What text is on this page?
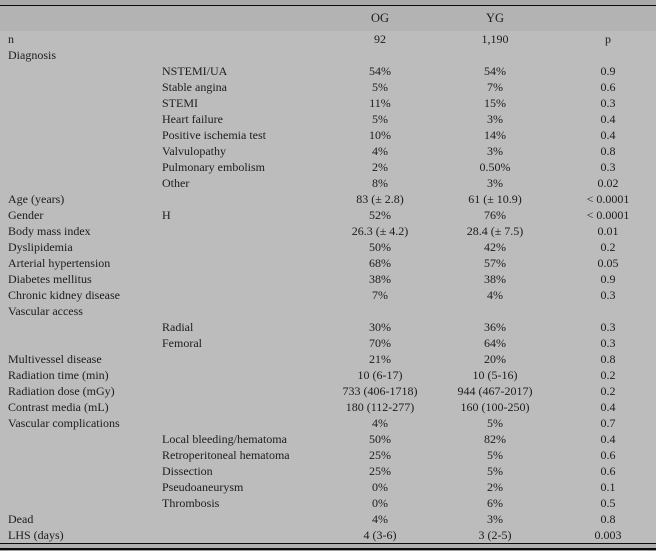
		OG	YG	
n		92	1,190	p
Diagnosis				
	NSTEMI/UA	54%	54%	0.9
	Stable angina	5%	7%	0.6
	STEMI	11%	15%	0.3
	Heart failure	5%	3%	0.4
	Positive ischemia test	10%	14%	0.4
	Valvulopathy	4%	3%	0.8
	Pulmonary embolism	2%	0.50%	0.3
	Other	8%	3%	0.02
Age (years)		83 (± 2.8)	61 (± 10.9)	< 0.0001
Gender	H	52%	76%	< 0.0001
Body mass index		26.3 (± 4.2)	28.4 (± 7.5)	0.01
Dyslipidemia		50%	42%	0.2
Arterial hypertension		68%	57%	0.05
Diabetes mellitus		38%	38%	0.9
Chronic kidney disease		7%	4%	0.3
Vascular access				
	Radial	30%	36%	0.3
	Femoral	70%	64%	0.3
Multivessel disease		21%	20%	0.8
Radiation time (min)		10 (6-17)	10 (5-16)	0.2
Radiation dose (mGy)		733 (406-1718)	944 (467-2017)	0.2
Contrast media (mL)		180 (112-277)	160 (100-250)	0.4
Vascular complications		4%	5%	0.7
	Local bleeding/hematoma	50%	82%	0.4
	Retroperitoneal hematoma	25%	5%	0.6
	Dissection	25%	5%	0.6
	Pseudoaneurysm	0%	2%	0.1
	Thrombosis	0%	6%	0.5
Dead		4%	3%	0.8
LHS (days)		4 (3-6)	3 (2-5)	0.003
